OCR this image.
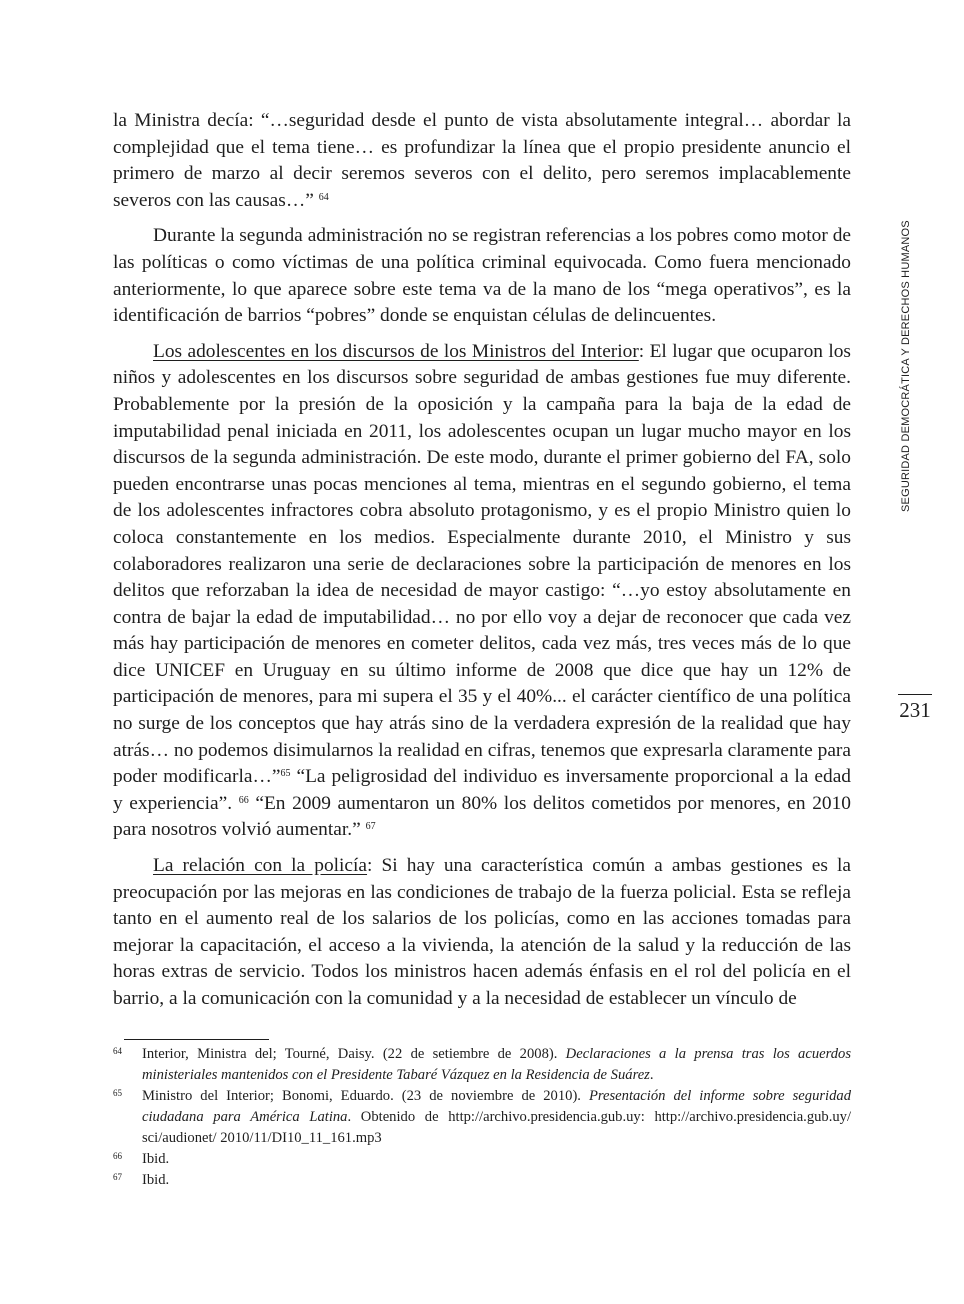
SEGURIDAD DEMOCRÁTICA Y DERECHOS HUMANOS
231

la Ministra decía: “…seguridad desde el punto de vista absolutamente integral… abordar la complejidad que el tema tiene… es profundizar la línea que el propio presidente anuncio el primero de marzo al decir seremos severos con el delito, pero seremos implacablemente severos con las causas…” $^{64}$

Durante la segunda administración no se registran referencias a los pobres como motor de las políticas o como víctimas de una política criminal equivocada. Como fuera mencionado anteriormente, lo que aparece sobre este tema va de la mano de los “mega operativos”, es la identificación de barrios “pobres” donde se enquistan células de delincuentes.

Los adolescentes en los discursos de los Ministros del Interior: El lugar que ocuparon los niños y adolescentes en los discursos sobre seguridad de ambas gestiones fue muy diferente. Probablemente por la presión de la oposición y la campaña para la baja de la edad de imputabilidad penal iniciada en 2011, los adolescentes ocupan un lugar mucho mayor en los discursos de la segunda administración. De este modo, durante el primer gobierno del FA, solo pueden encontrarse unas pocas menciones al tema, mientras en el segundo gobierno, el tema de los adolescentes infractores cobra absoluto protagonismo, y es el propio Ministro quien lo coloca constantemente en los medios. Especialmente durante 2010, el Ministro y sus colaboradores realizaron una serie de declaraciones sobre la participación de menores en los delitos que reforzaban la idea de necesidad de mayor castigo: “…yo estoy absolutamente en contra de bajar la edad de imputabilidad… no por ello voy a dejar de reconocer que cada vez más hay participación de menores en cometer delitos, cada vez más, tres veces más de lo que dice UNICEF en Uruguay en su último informe de 2008 que dice que hay un 12% de participación de menores, para mi supera el 35 y el 40%... el carácter científico de una política no surge de los conceptos que hay atrás sino de la verdadera expresión de la realidad que hay atrás… no podemos disimularnos la realidad en cifras, tenemos que expresarla claramente para poder modificarla…”$^{65}$ “La peligrosidad del individuo es inversamente proporcional a la edad y experiencia”. $^{66}$ “En 2009 aumentaron un 80% los delitos cometidos por menores, en 2010 para nosotros volvió aumentar.” $^{67}$

La relación con la policía: Si hay una característica común a ambas gestiones es la preocupación por las mejoras en las condiciones de trabajo de la fuerza policial. Esta se refleja tanto en el aumento real de los salarios de los policías, como en las acciones tomadas para mejorar la capacitación, el acceso a la vivienda, la atención de la salud y la reducción de las horas extras de servicio. Todos los ministros hacen además énfasis en el rol del policía en el barrio, a la comunicación con la comunidad y a la necesidad de establecer un vínculo de

64 Interior, Ministra del; Tourné, Daisy. (22 de setiembre de 2008). Declaraciones a la prensa tras los acuerdos ministeriales mantenidos con el Presidente Tabaré Vázquez en la Residencia de Suárez.
65 Ministro del Interior; Bonomi, Eduardo. (23 de noviembre de 2010). Presentación del informe sobre seguridad ciudadana para América Latina. Obtenido de http://archivo.presidencia.gub.uy: http://archivo.presidencia.gub.uy/ sci/audionet/ 2010/11/DI10_11_161.mp3
66 Ibid.
67 Ibid.
